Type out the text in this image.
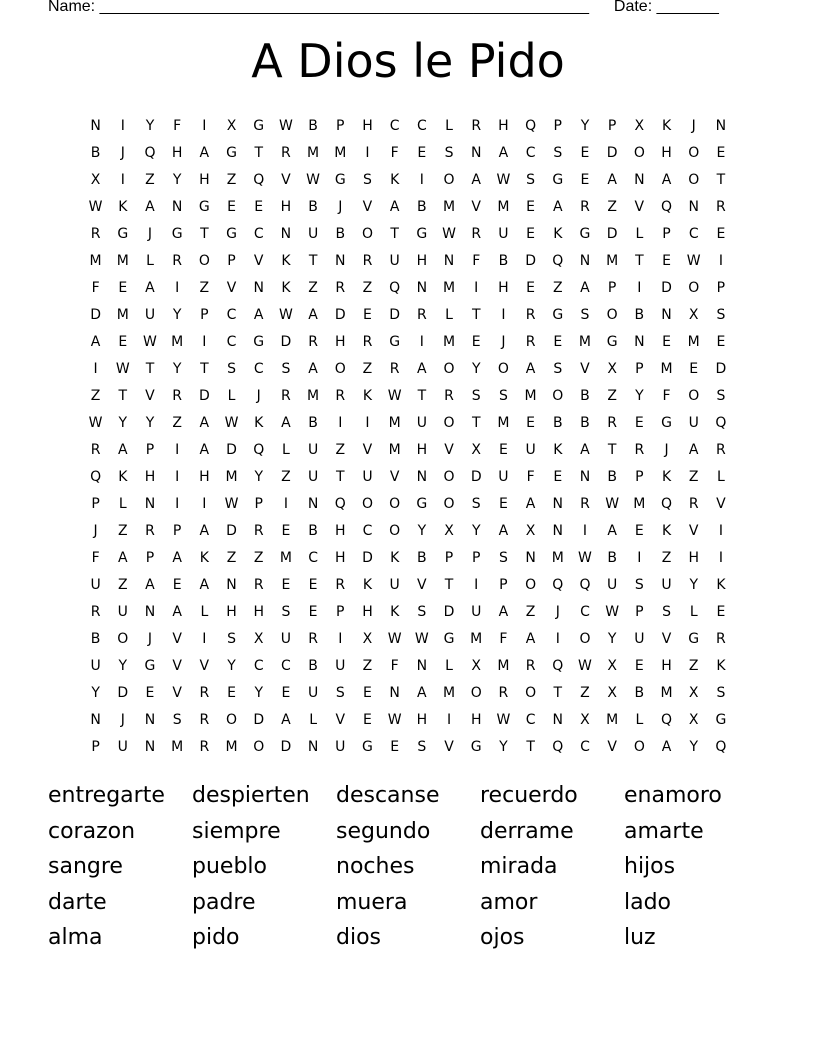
Name: _______________________________________________________ Date: _______
A Dios le Pido
N	I	Y	F	I	X	G	W	B	P	H	C	C	L	R	H	Q	P	Y	P	X	K	J	N
B	J	Q	H	A	G	T	R	M	M	I	F	E	S	N	A	C	S	E	D	O	H	O	E
X	I	Z	Y	H	Z	Q	V	W	G	S	K	I	O	A	W	S	G	E	A	N	A	O	T
W	K	A	N	G	E	E	H	B	J	V	A	B	M	V	M	E	A	R	Z	V	Q	N	R
R	G	J	G	T	G	C	N	U	B	O	T	G	W	R	U	E	K	G	D	L	P	C	E
M	M	L	R	O	P	V	K	T	N	R	U	H	N	F	B	D	Q	N	M	T	E	W	I
F	E	A	I	Z	V	N	K	Z	R	Z	Q	N	M	I	H	E	Z	A	P	I	D	O	P
D	M	U	Y	P	C	A	W	A	D	E	D	R	L	T	I	R	G	S	O	B	N	X	S
A	E	W	M	I	C	G	D	R	H	R	G	I	M	E	J	R	E	M	G	N	E	M	E
I	W	T	Y	T	S	C	S	A	O	Z	R	A	O	Y	O	A	S	V	X	P	M	E	D
Z	T	V	R	D	L	J	R	M	R	K	W	T	R	S	S	M	O	B	Z	Y	F	O	S
W	Y	Y	Z	A	W	K	A	B	I	I	M	U	O	T	M	E	B	B	R	E	G	U	Q
R	A	P	I	A	D	Q	L	U	Z	V	M	H	V	X	E	U	K	A	T	R	J	A	R
Q	K	H	I	H	M	Y	Z	U	T	U	V	N	O	D	U	F	E	N	B	P	K	Z	L
P	L	N	I	I	W	P	I	N	Q	O	O	G	O	S	E	A	N	R	W	M	Q	R	V
J	Z	R	P	A	D	R	E	B	H	C	O	Y	X	Y	A	X	N	I	A	E	K	V	I
F	A	P	A	K	Z	Z	M	C	H	D	K	B	P	P	S	N	M	W	B	I	Z	H	I
U	Z	A	E	A	N	R	E	E	R	K	U	V	T	I	P	O	Q	Q	U	S	U	Y	K
R	U	N	A	L	H	H	S	E	P	H	K	S	D	U	A	Z	J	C	W	P	S	L	E
B	O	J	V	I	S	X	U	R	I	X	W W	G	M	F	A	I	O	Y	U	V	G	R
U	Y	G	V	V	Y	C	C	B	U	Z	F	N	L	X	M	R	Q	W	X	E	H	Z	K
Y	D	E	V	R	E	Y	E	U	S	E	N	A	M	O	R	O	T	Z	X	B	M	X	S
N	J	N	S	R	O	D	A	L	V	E	W	H	I	H	W	C	N	X	M	L	Q	X	G
P	U	N	M	R	M	O	D	N	U	G	E	S	V	G	Y	T	Q	C	V	O	A	Y	Q
entregarte	despierten	descanse	recuerdo	enamoro
corazon	siempre	segundo	derrame	amarte
sangre	pueblo	noches	mirada	hijos
darte	padre	muera	amor	lado
alma	pido	dios	ojos	luz
